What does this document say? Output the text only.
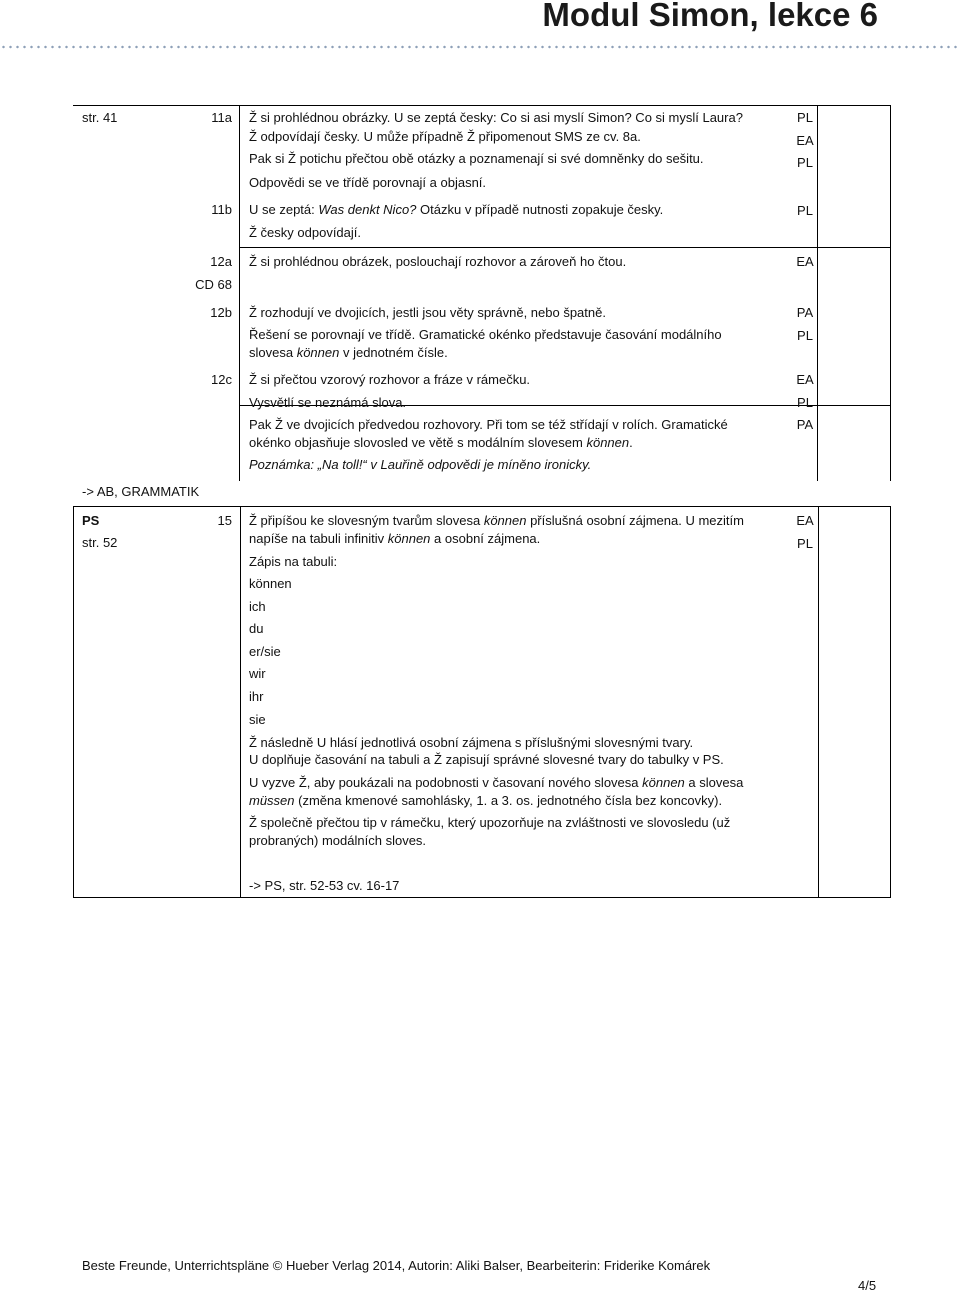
Modul Simon, lekce 6
str. 41	11a Ž si prohlédnou obrázky. U se zeptá česky: Co si asi myslí Simon? Co si myslí Laura?
Ž odpovídají česky. U může případně Ž připomenout SMS ze cv. 8a.
Pak si Ž potichu přečtou obě otázky a poznamenají si své domněnky do sešitu.
Odpovědi se ve třídě porovnají a objasní.
PL
EA
PL
11b U se zeptá: Was denkt Nico? Otázku v případě nutnosti zopakuje česky.
Ž česky odpovídají.
PL
12a
CD 68
Ž si prohlédnou obrázek, poslouchají rozhovor a zároveň ho čtou.	EA
12b Ž rozhodují ve dvojicích, jestli jsou věty správně, nebo špatně.
Řešení se porovnají ve třídě. Gramatické okénko představuje časování modálního
slovesa können v jednotném čísle.
PA
PL
12c Ž si přečtou vzorový rozhovor a fráze v rámečku.
Vysvětlí se neznámá slova.
Pak Ž ve dvojicích předvedou rozhovory. Při tom se též střídají v rolích. Gramatické
okénko objasňuje slovosled ve větě s modálním slovesem können.
Poznámka: „Na toll!“ v Lauřině odpovědi je míněno ironicky.
EA
PL
PA
-> AB, GRAMMATIK
PS
str. 52
15 Ž připíšou ke slovesným tvarům slovesa können příslušná osobní zájmena. U mezitím
napíše na tabuli infinitiv können a osobní zájmena.
Zápis na tabuli:
können
ich
du
er/sie
wir
ihr
sie
Ž následně U hlásí jednotlivá osobní zájmena s příslušnými slovesnými tvary.
U doplňuje časování na tabuli a Ž zapisují správné slovesné tvary do tabulky v PS.
U vyzve Ž, aby poukázali na podobnosti v časovaní nového slovesa können a slovesa
müssen (změna kmenové samohlásky, 1. a 3. os. jednotného čísla bez koncovky).
Ž společně přečtou tip v rámečku, který upozorňuje na zvláštnosti ve slovosledu (už
probraných) modálních sloves.
-> PS, str. 52-53 cv. 16-17
EA
PL
Beste Freunde, Unterrichtspläne © Hueber Verlag 2014, Autorin: Aliki Balser, Bearbeiterin: Friderike Komárek
4/5
